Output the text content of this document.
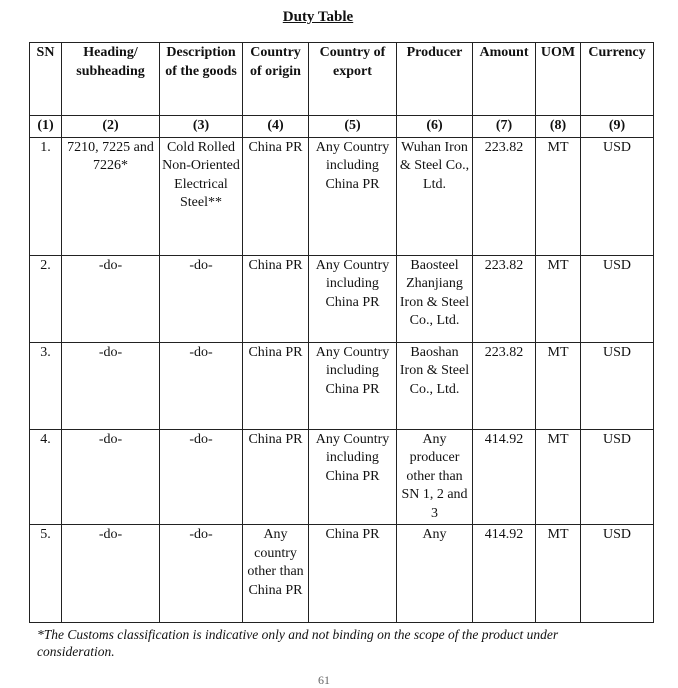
Duty Table
SN	Heading/ subheading	Description of the goods	Country of origin	Country of export	Producer	Amount	UOM	Currency
(1)	(2)	(3)	(4)	(5)	(6)	(7)	(8)	(9)
1.	7210, 7225 and 7226*	Cold Rolled Non-Oriented Electrical Steel**	China PR	Any Country including China PR	Wuhan Iron & Steel Co., Ltd.	223.82	MT	USD
2.	-do-	-do-	China PR	Any Country including China PR	Baosteel Zhanjiang Iron & Steel Co., Ltd.	223.82	MT	USD
3.	-do-	-do-	China PR	Any Country including China PR	Baoshan Iron & Steel Co., Ltd.	223.82	MT	USD
4.	-do-	-do-	China PR	Any Country including China PR	Any producer other than SN 1, 2 and 3	414.92	MT	USD
5.	-do-	-do-	Any country other than China PR	China PR	Any	414.92	MT	USD
*The Customs classification is indicative only and not binding on the scope of the product under consideration.
61
